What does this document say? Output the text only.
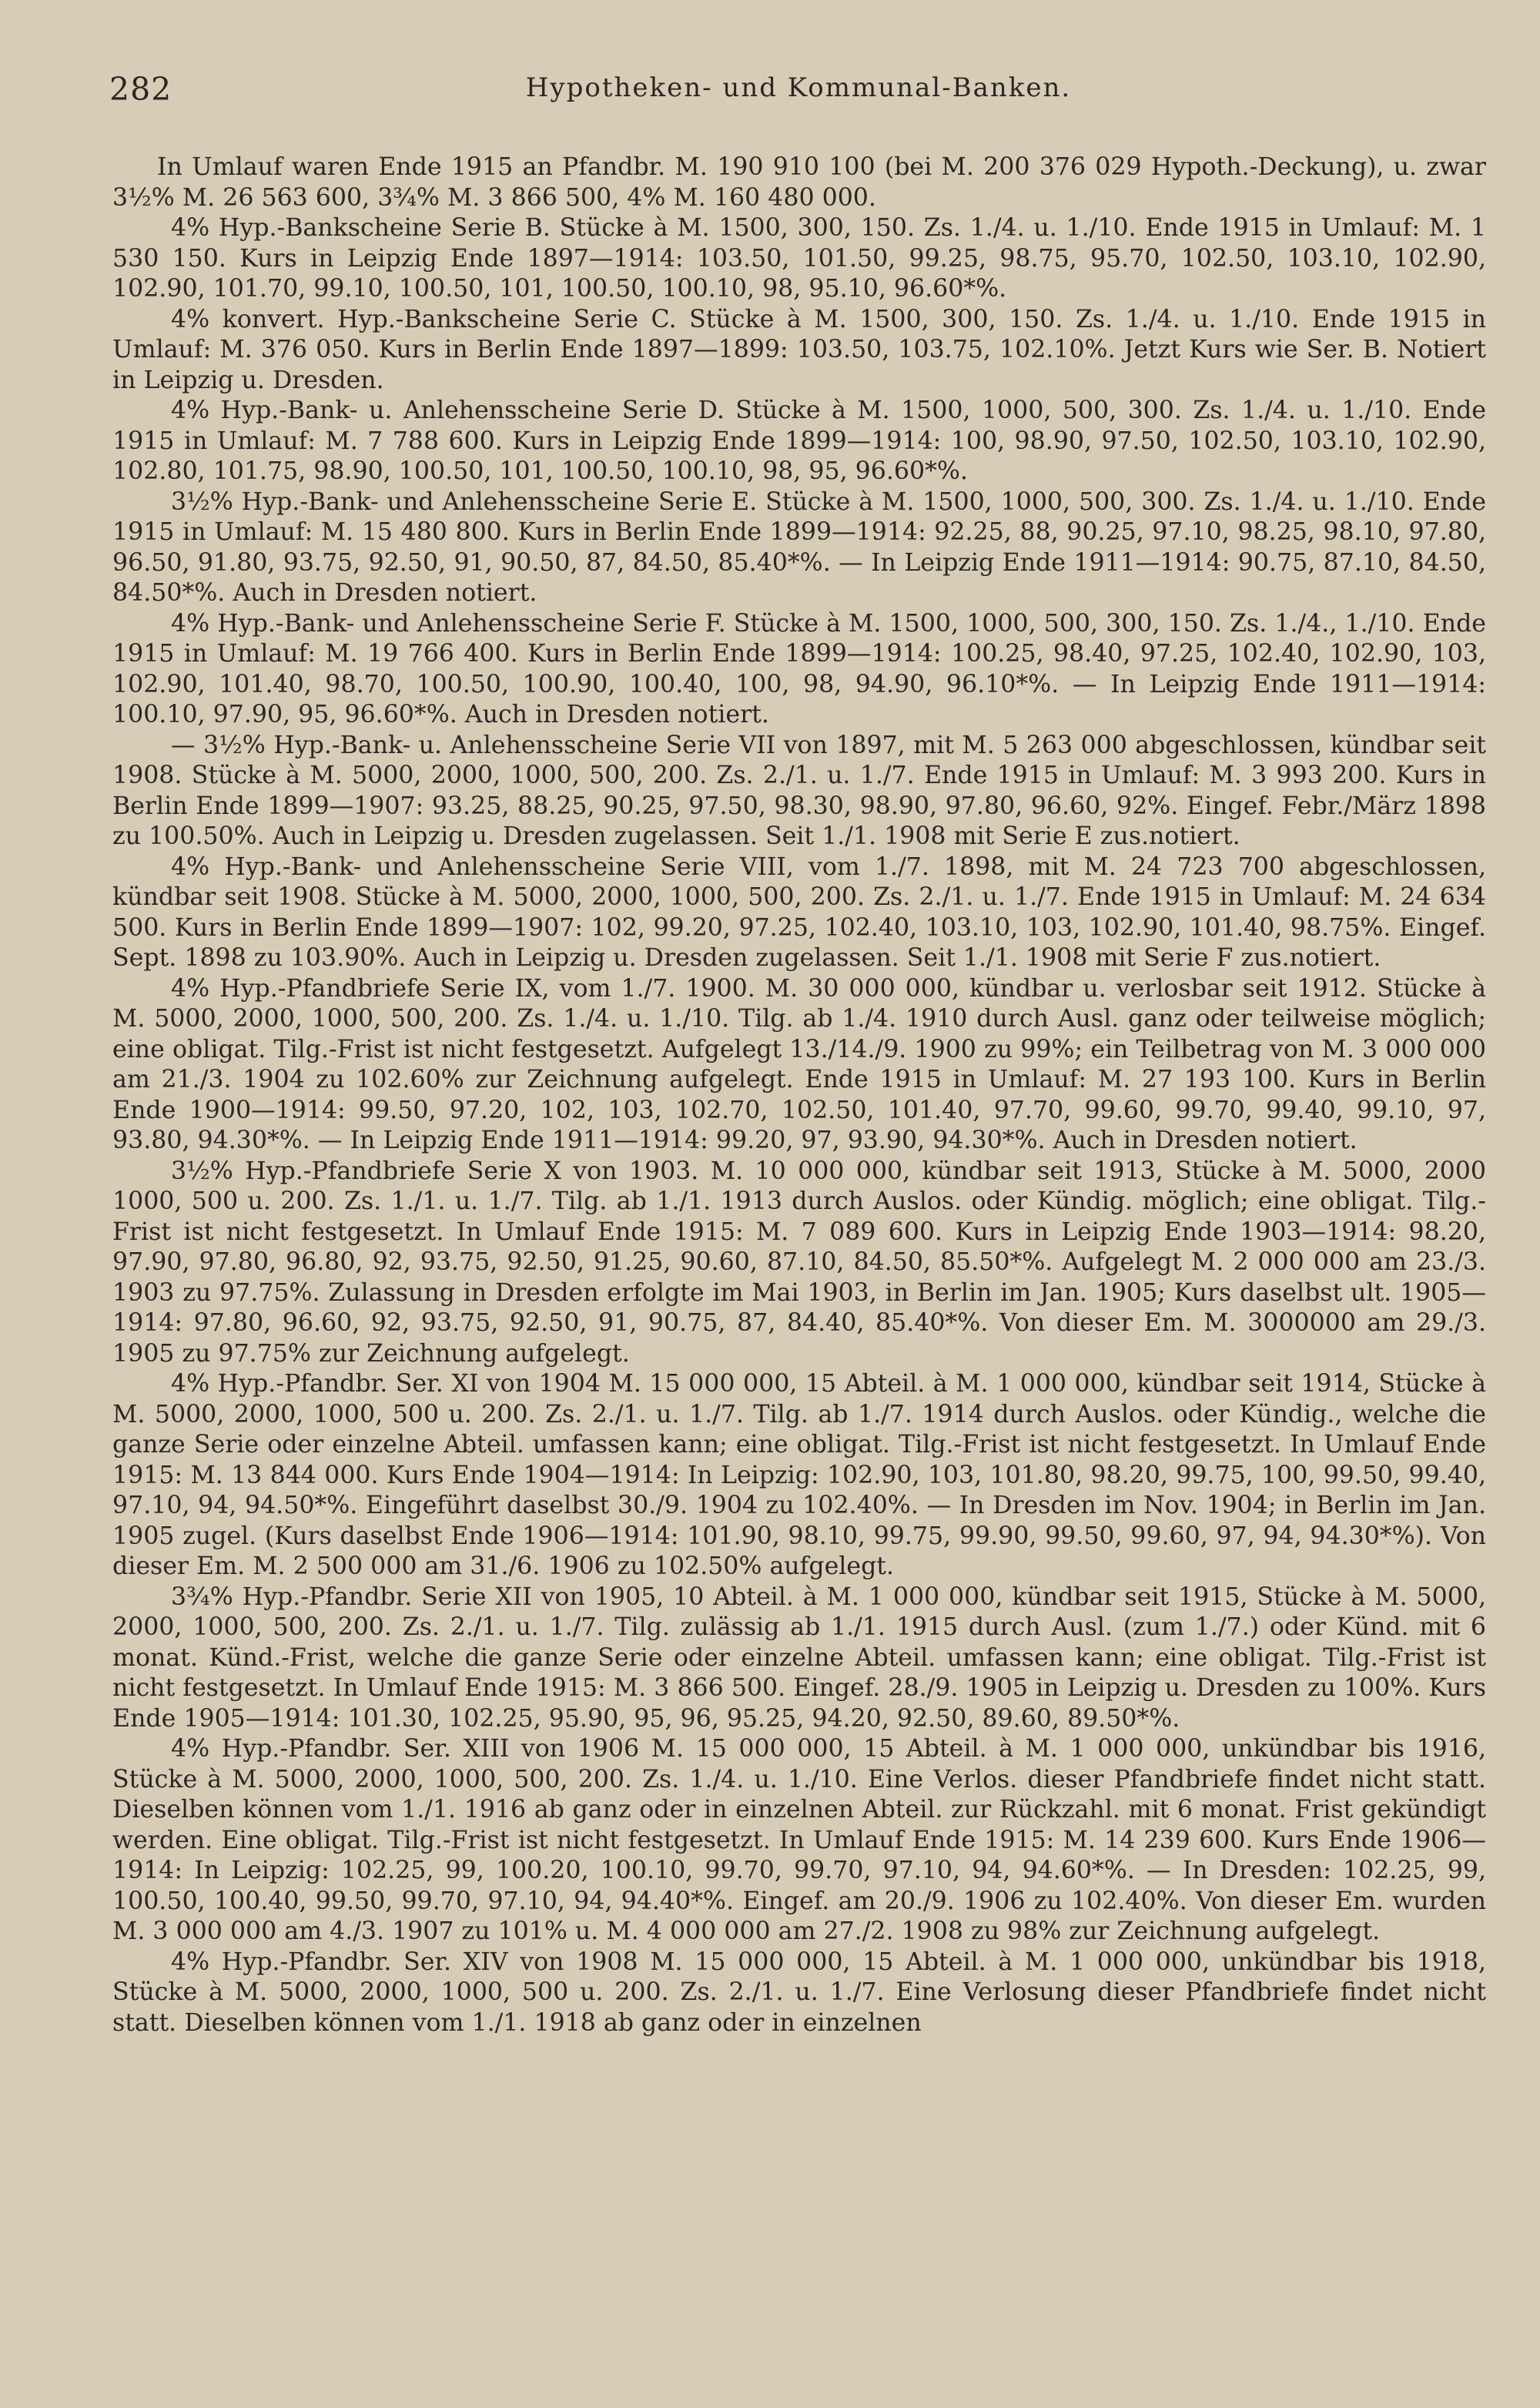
282	Hypotheken- und Kommunal-Banken.

In Umlauf waren Ende 1915 an Pfandbr. M. 190 910 100 (bei M. 200 376 029 Hypoth.-Deckung), u. zwar 3½% M. 26 563 600, 3¾% M. 3 866 500, 4% M. 160 480 000.

4% Hyp.-Bankscheine Serie B. Stücke à M. 1500, 300, 150. Zs. 1./4. u. 1./10. Ende 1915 in Umlauf: M. 1 530 150. Kurs in Leipzig Ende 1897—1914: 103.50, 101.50, 99.25, 98.75, 95.70, 102.50, 103.10, 102.90, 102.90, 101.70, 99.10, 100.50, 101, 100.50, 100.10, 98, 95.10, 96.60*%.

4% konvert. Hyp.-Bankscheine Serie C. Stücke à M. 1500, 300, 150. Zs. 1./4. u. 1./10. Ende 1915 in Umlauf: M. 376 050. Kurs in Berlin Ende 1897—1899: 103.50, 103.75, 102.10%. Jetzt Kurs wie Ser. B. Notiert in Leipzig u. Dresden.

4% Hyp.-Bank- u. Anlehensscheine Serie D. Stücke à M. 1500, 1000, 500, 300. Zs. 1./4. u. 1./10. Ende 1915 in Umlauf: M. 7 788 600. Kurs in Leipzig Ende 1899—1914: 100, 98.90, 97.50, 102.50, 103.10, 102.90, 102.80, 101.75, 98.90, 100.50, 101, 100.50, 100.10, 98, 95, 96.60*%.

3½% Hyp.-Bank- und Anlehensscheine Serie E. Stücke à M. 1500, 1000, 500, 300. Zs. 1./4. u. 1./10. Ende 1915 in Umlauf: M. 15 480 800. Kurs in Berlin Ende 1899—1914: 92.25, 88, 90.25, 97.10, 98.25, 98.10, 97.80, 96.50, 91.80, 93.75, 92.50, 91, 90.50, 87, 84.50, 85.40*%. — In Leipzig Ende 1911—1914: 90.75, 87.10, 84.50, 84.50*%. Auch in Dresden notiert.

4% Hyp.-Bank- und Anlehensscheine Serie F. Stücke à M. 1500, 1000, 500, 300, 150. Zs. 1./4., 1./10. Ende 1915 in Umlauf: M. 19 766 400. Kurs in Berlin Ende 1899—1914: 100.25, 98.40, 97.25, 102.40, 102.90, 103, 102.90, 101.40, 98.70, 100.50, 100.90, 100.40, 100, 98, 94.90, 96.10*%. — In Leipzig Ende 1911—1914: 100.10, 97.90, 95, 96.60*%. Auch in Dresden notiert.

— 3½% Hyp.-Bank- u. Anlehensscheine Serie VII von 1897, mit M. 5 263 000 abgeschlossen, kündbar seit 1908. Stücke à M. 5000, 2000, 1000, 500, 200. Zs. 2./1. u. 1./7. Ende 1915 in Umlauf: M. 3 993 200. Kurs in Berlin Ende 1899—1907: 93.25, 88.25, 90.25, 97.50, 98.30, 98.90, 97.80, 96.60, 92%. Eingef. Febr./März 1898 zu 100.50%. Auch in Leipzig u. Dresden zugelassen. Seit 1./1. 1908 mit Serie E zus.notiert.

4% Hyp.-Bank- und Anlehensscheine Serie VIII, vom 1./7. 1898, mit M. 24 723 700 abgeschlossen, kündbar seit 1908. Stücke à M. 5000, 2000, 1000, 500, 200. Zs. 2./1. u. 1./7. Ende 1915 in Umlauf: M. 24 634 500. Kurs in Berlin Ende 1899—1907: 102, 99.20, 97.25, 102.40, 103.10, 103, 102.90, 101.40, 98.75%. Eingef. Sept. 1898 zu 103.90%. Auch in Leipzig u. Dresden zugelassen. Seit 1./1. 1908 mit Serie F zus.notiert.

4% Hyp.-Pfandbriefe Serie IX, vom 1./7. 1900. M. 30 000 000, kündbar u. verlosbar seit 1912. Stücke à M. 5000, 2000, 1000, 500, 200. Zs. 1./4. u. 1./10. Tilg. ab 1./4. 1910 durch Ausl. ganz oder teilweise möglich; eine obligat. Tilg.-Frist ist nicht festgesetzt. Aufgelegt 13./14./9. 1900 zu 99%; ein Teilbetrag von M. 3 000 000 am 21./3. 1904 zu 102.60% zur Zeichnung aufgelegt. Ende 1915 in Umlauf: M. 27 193 100. Kurs in Berlin Ende 1900—1914: 99.50, 97.20, 102, 103, 102.70, 102.50, 101.40, 97.70, 99.60, 99.70, 99.40, 99.10, 97, 93.80, 94.30*%. — In Leipzig Ende 1911—1914: 99.20, 97, 93.90, 94.30*%. Auch in Dresden notiert.

3½% Hyp.-Pfandbriefe Serie X von 1903. M. 10 000 000, kündbar seit 1913, Stücke à M. 5000, 2000 1000, 500 u. 200. Zs. 1./1. u. 1./7. Tilg. ab 1./1. 1913 durch Auslos. oder Kündig. möglich; eine obligat. Tilg.-Frist ist nicht festgesetzt. In Umlauf Ende 1915: M. 7 089 600. Kurs in Leipzig Ende 1903—1914: 98.20, 97.90, 97.80, 96.80, 92, 93.75, 92.50, 91.25, 90.60, 87.10, 84.50, 85.50*%. Aufgelegt M. 2 000 000 am 23./3. 1903 zu 97.75%. Zulassung in Dresden erfolgte im Mai 1903, in Berlin im Jan. 1905; Kurs daselbst ult. 1905—1914: 97.80, 96.60, 92, 93.75, 92.50, 91, 90.75, 87, 84.40, 85.40*%. Von dieser Em. M. 3000000 am 29./3. 1905 zu 97.75% zur Zeichnung aufgelegt.

4% Hyp.-Pfandbr. Ser. XI von 1904 M. 15 000 000, 15 Abteil. à M. 1 000 000, kündbar seit 1914, Stücke à M. 5000, 2000, 1000, 500 u. 200. Zs. 2./1. u. 1./7. Tilg. ab 1./7. 1914 durch Auslos. oder Kündig., welche die ganze Serie oder einzelne Abteil. umfassen kann; eine obligat. Tilg.-Frist ist nicht festgesetzt. In Umlauf Ende 1915: M. 13 844 000. Kurs Ende 1904—1914: In Leipzig: 102.90, 103, 101.80, 98.20, 99.75, 100, 99.50, 99.40, 97.10, 94, 94.50*%. Eingeführt daselbst 30./9. 1904 zu 102.40%. — In Dresden im Nov. 1904; in Berlin im Jan. 1905 zugel. (Kurs daselbst Ende 1906—1914: 101.90, 98.10, 99.75, 99.90, 99.50, 99.60, 97, 94, 94.30*%). Von dieser Em. M. 2 500 000 am 31./6. 1906 zu 102.50% aufgelegt.

3¾% Hyp.-Pfandbr. Serie XII von 1905, 10 Abteil. à M. 1 000 000, kündbar seit 1915, Stücke à M. 5000, 2000, 1000, 500, 200. Zs. 2./1. u. 1./7. Tilg. zulässig ab 1./1. 1915 durch Ausl. (zum 1./7.) oder Künd. mit 6 monat. Künd.-Frist, welche die ganze Serie oder einzelne Abteil. umfassen kann; eine obligat. Tilg.-Frist ist nicht festgesetzt. In Umlauf Ende 1915: M. 3 866 500. Eingef. 28./9. 1905 in Leipzig u. Dresden zu 100%. Kurs Ende 1905—1914: 101.30, 102.25, 95.90, 95, 96, 95.25, 94.20, 92.50, 89.60, 89.50*%.

4% Hyp.-Pfandbr. Ser. XIII von 1906 M. 15 000 000, 15 Abteil. à M. 1 000 000, unkündbar bis 1916, Stücke à M. 5000, 2000, 1000, 500, 200. Zs. 1./4. u. 1./10. Eine Verlos. dieser Pfandbriefe findet nicht statt. Dieselben können vom 1./1. 1916 ab ganz oder in einzelnen Abteil. zur Rückzahl. mit 6 monat. Frist gekündigt werden. Eine obligat. Tilg.-Frist ist nicht festgesetzt. In Umlauf Ende 1915: M. 14 239 600. Kurs Ende 1906—1914: In Leipzig: 102.25, 99, 100.20, 100.10, 99.70, 99.70, 97.10, 94, 94.60*%. — In Dresden: 102.25, 99, 100.50, 100.40, 99.50, 99.70, 97.10, 94, 94.40*%. Eingef. am 20./9. 1906 zu 102.40%. Von dieser Em. wurden M. 3 000 000 am 4./3. 1907 zu 101% u. M. 4 000 000 am 27./2. 1908 zu 98% zur Zeichnung aufgelegt.

4% Hyp.-Pfandbr. Ser. XIV von 1908 M. 15 000 000, 15 Abteil. à M. 1 000 000, unkündbar bis 1918, Stücke à M. 5000, 2000, 1000, 500 u. 200. Zs. 2./1. u. 1./7. Eine Verlosung dieser Pfandbriefe findet nicht statt. Dieselben können vom 1./1. 1918 ab ganz oder in einzelnen
